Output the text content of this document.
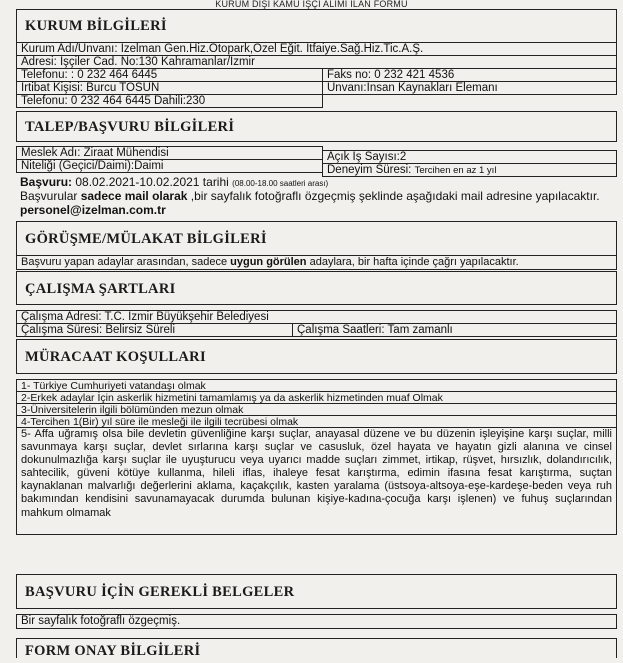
KURUM DIŞI KAMU İŞÇİ ALIMI İLAN FORMU
KURUM BİLGİLERİ
Kurum Adı/Unvanı: İzelman Gen.Hiz.Otopark,Özel Eğit. İtfaiye.Sağ.Hiz.Tic.A.Ş.
Adresi: İşçiler Cad. No:130 Kahramanlar/İzmir
Telefonu: : 0 232 464 6445	Faks no: 0 232 421 4536
İrtibat Kişisi: Burcu TOSUN	Unvanı:İnsan Kaynakları Elemanı
Telefonu: 0 232 464 6445 Dahili:230
TALEP/BAŞVURU BİLGİLERİ
Meslek Adı: Ziraat Mühendisi	Açık İş Sayısı:2
Niteliği (Geçici/Daimi):Daimi	Deneyim Süresi: Tercihen en az 1 yıl
Başvuru: 08.02.2021-10.02.2021 tarihi (08.00-18.00 saatleri arası)
Başvurular sadece mail olarak ,bir sayfalık fotoğraflı özgeçmiş şeklinde aşağıdaki mail adresine yapılacaktır.
personel@izelman.com.tr
GÖRÜŞME/MÜLAKAT BİLGİLERİ
Başvuru yapan adaylar arasından, sadece uygun görülen adaylara, bir hafta içinde çağrı yapılacaktır.
ÇALIŞMA ŞARTLARI
Çalışma Adresi: T.C. İzmir Büyükşehir Belediyesi
Çalışma Süresi: Belirsiz Süreli	Çalışma Saatleri: Tam zamanlı
MÜRACAAT KOŞULLARI
1- Türkiye Cumhuriyeti vatandaşı olmak
2-Erkek adaylar İçin askerlik hizmetini tamamlamış ya da askerlik hizmetinden muaf Olmak
3-Üniversitelerin ilgili bölümünden mezun olmak
4-Tercihen 1(Bir) yıl süre ile mesleği ile ilgili tecrübesi olmak
5- Affa uğramış olsa bile devletin güvenliğine karşı suçlar, anayasal düzene ve bu düzenin işleyişine karşı suçlar, milli savunmaya karşı suçlar, devlet sırlarına karşı suçlar ve casusluk, özel hayata ve hayatın gizli alanına ve cinsel dokunulmazlığa karşı suçlar ile uyuşturucu veya uyarıcı madde suçları zimmet, irtikap, rüşvet, hırsızlık, dolandırıcılık, sahtecilik, güveni kötüye kullanma, hileli iflas, ihaleye fesat karıştırma, edimin ifasına fesat karıştırma, suçtan kaynaklanan malvarlığı değerlerini aklama, kaçakçılık, kasten yaralama (üstsoya-altsoya-eşe-kardeşe-beden veya ruh bakımından kendisini savunamayacak durumda bulunan kişiye-kadına-çocuğa karşı işlenen) ve fuhuş suçlarından mahkum olmamak
BAŞVURU İÇİN GEREKLİ BELGELER
Bir sayfalık fotoğraflı özgeçmiş.
FORM ONAY BİLGİLERİ
